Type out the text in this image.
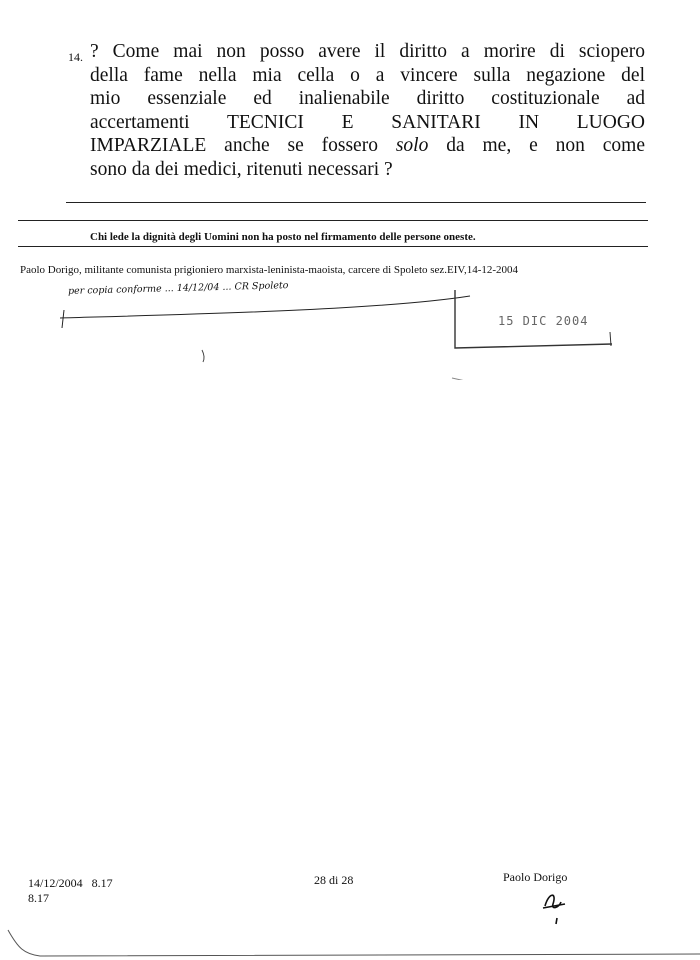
14. ? Come mai non posso avere il diritto a morire di sciopero
della fame nella mia cella o a vincere sulla negazione del
mio essenziale ed inalienabile diritto costituzionale ad
accertamenti TECNICI E SANITARI IN LUOGO
IMPARZIALE anche se fossero solo da me, e non come
sono da dei medici, ritenuti necessari ?
Chi lede la dignità degli Uomini non ha posto nel firmamento delle persone oneste.
Paolo Dorigo, militante comunista prigioniero marxista-leninista-maoista, carcere di Spoleto sez.EIV,14-12-2004
per copia conforme ... 14/12/04 ... CR Spoleto
15 DIC 2004
14/12/2004 8.17
8.17
28 di 28	Paolo Dorigo
